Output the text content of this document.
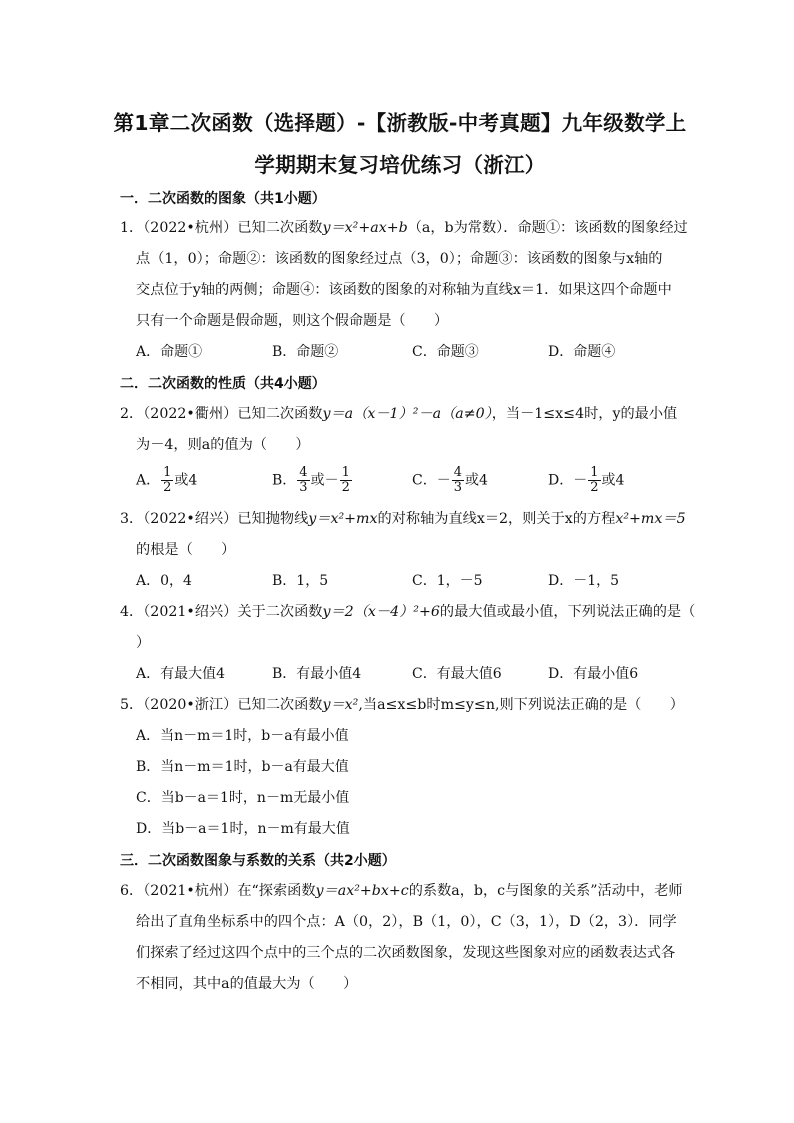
第1章二次函数（选择题）-【浙教版-中考真题】九年级数学上
学期期末复习培优练习（浙江）
一．二次函数的图象（共1小题）
1．（2022•杭州）已知二次函数y＝x²+ax+b（a，b为常数）．命题①：该函数的图象经过
点（1，0）；命题②：该函数的图象经过点（3，0）；命题③：该函数的图象与x轴的
交点位于y轴的两侧；命题④：该函数的图象的对称轴为直线x＝1．如果这四个命题中
只有一个命题是假命题，则这个假命题是（　　）
A．命题①	B．命题②	C．命题③	D．命题④
二．二次函数的性质（共4小题）
2．（2022•衢州）已知二次函数y＝a（x－1）²－a（a≠0），当－1≤x≤4时，y的最小值
为－4，则a的值为（　　）
A． $\frac{1}{2}$ 或4	B． $\frac{4}{3}$ 或－ $\frac{1}{2}$	C．－ $\frac{4}{3}$ 或4	D．－ $\frac{1}{2}$ 或4
3．（2022•绍兴）已知抛物线y＝x²+mx的对称轴为直线x＝2，则关于x的方程x²+mx＝5
的根是（　　）
A．0，4	B．1，5	C．1，－5	D．－1，5
4．（2021•绍兴）关于二次函数y＝2（x－4）²+6的最大值或最小值，下列说法正确的是（
）
A．有最大值4	B．有最小值4	C．有最大值6	D．有最小值6
5．（2020•浙江）已知二次函数y＝x²,当a≤x≤b时m≤y≤n,则下列说法正确的是（　　）
A．当n－m＝1时，b－a有最小值
B．当n－m＝1时，b－a有最大值
C．当b－a＝1时，n－m无最小值
D．当b－a＝1时，n－m有最大值
三．二次函数图象与系数的关系（共2小题）
6．（2021•杭州）在“探索函数y＝ax²+bx+c的系数a，b，c与图象的关系”活动中，老师
给出了直角坐标系中的四个点：A（0，2），B（1，0），C（3，1），D（2，3）．同学
们探索了经过这四个点中的三个点的二次函数图象，发现这些图象对应的函数表达式各
不相同，其中a的值最大为（　　）
